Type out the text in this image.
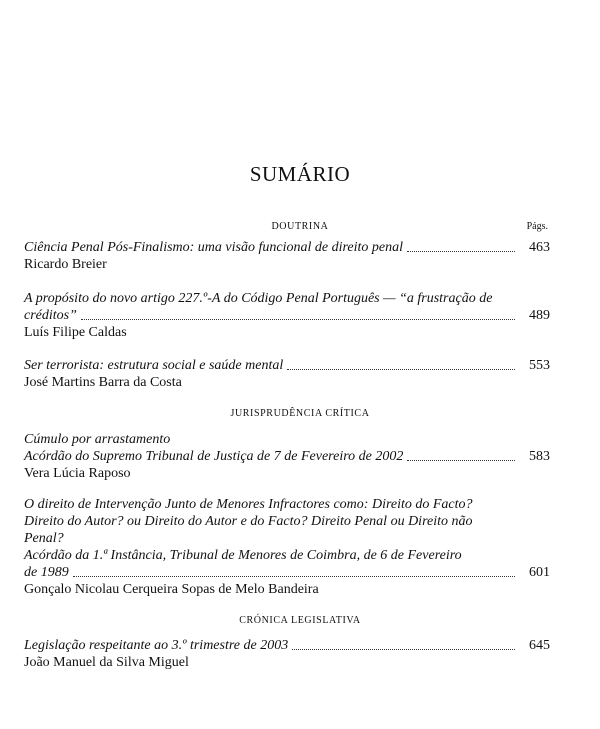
SUMÁRIO
DOUTRINA	Págs.
Ciência Penal Pós-Finalismo: uma visão funcional de direito penal	463
Ricardo Breier
A propósito do novo artigo 227.º-A do Código Penal Português — “a frustração de
créditos”	489
Luís Filipe Caldas
Ser terrorista: estrutura social e saúde mental	553
José Martins Barra da Costa
JURISPRUDÊNCIA CRÍTICA
Cúmulo por arrastamento
Acórdão do Supremo Tribunal de Justiça de 7 de Fevereiro de 2002	583
Vera Lúcia Raposo
O direito de Intervenção Junto de Menores Infractores como: Direito do Facto?
Direito do Autor? ou Direito do Autor e do Facto? Direito Penal ou Direito não
Penal?
Acórdão da 1.ª Instância, Tribunal de Menores de Coimbra, de 6 de Fevereiro
de 1989	601
Gonçalo Nicolau Cerqueira Sopas de Melo Bandeira
CRÓNICA LEGISLATIVA
Legislação respeitante ao 3.º trimestre de 2003	645
João Manuel da Silva Miguel
